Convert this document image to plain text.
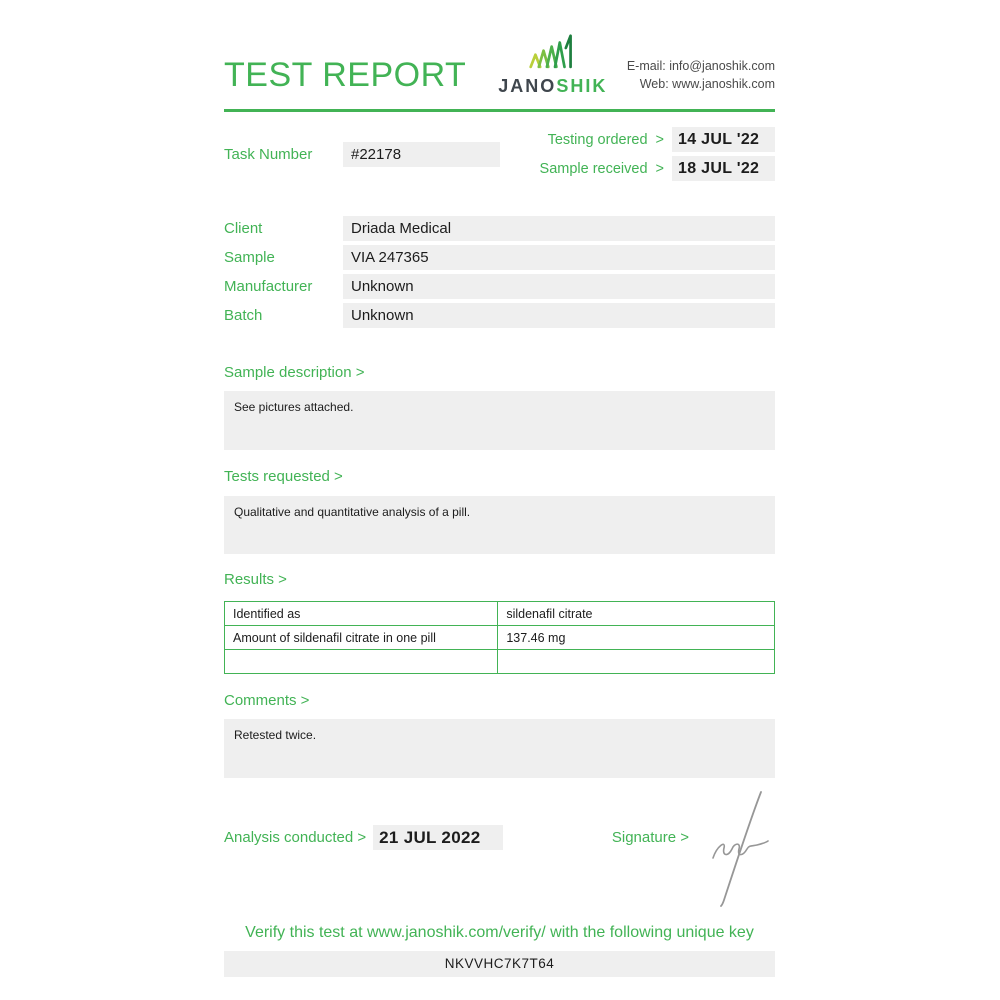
TEST REPORT JANOSHIK
E-mail: info@janoshik.com
Web: www.janoshik.com
Task Number	#22178
Testing ordered > 14 JUL '22
Sample received > 18 JUL '22
Client	Driada Medical
Sample	VIA 247365
Manufacturer	Unknown
Batch	Unknown
Sample description >
See pictures attached.
Tests requested >
Qualitative and quantitative analysis of a pill.
Results >
Identified as	sildenafil citrate
Amount of sildenafil citrate in one pill	137.46 mg

Comments >
Retested twice.
Analysis conducted > 21 JUL 2022	Signature >
Verify this test at www.janoshik.com/verify/ with the following unique key
NKVVHC7K7T64
